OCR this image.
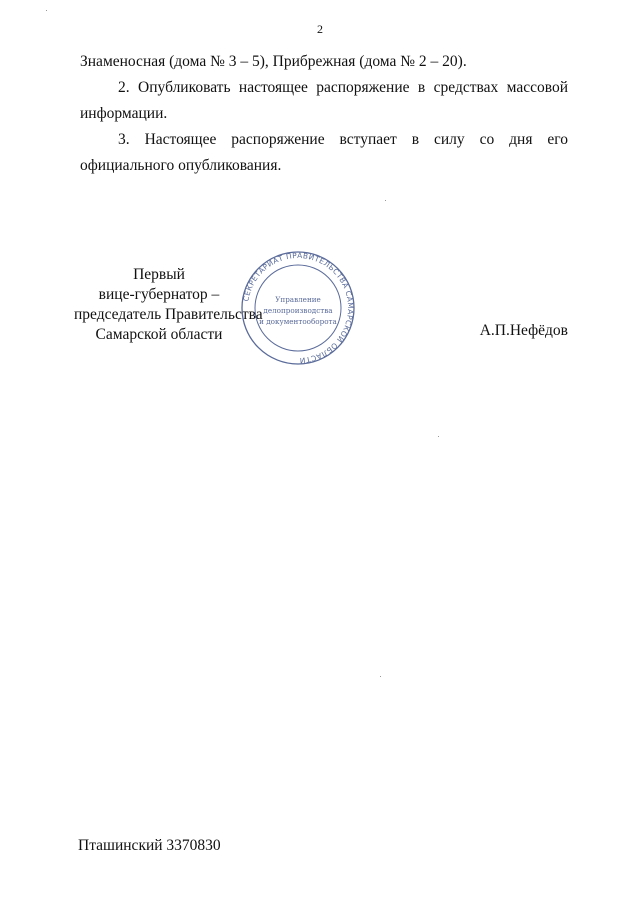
2

Знаменосная (дома № 3 – 5), Прибрежная (дома № 2 – 20).

2. Опубликовать настоящее распоряжение в средствах массовой информации.

3. Настоящее распоряжение вступает в силу со дня его официального опубликования.

Первый
вице-губернатор –
председатель Правительства
Самарской области	А.П.Нефёдов
СЕКРЕТАРИАТ ПРАВИТЕЛЬСТВА САМАРСКОЙ ОБЛАСТИ
Управление
делопроизводства
и документооборота
Пташинский 3370830
